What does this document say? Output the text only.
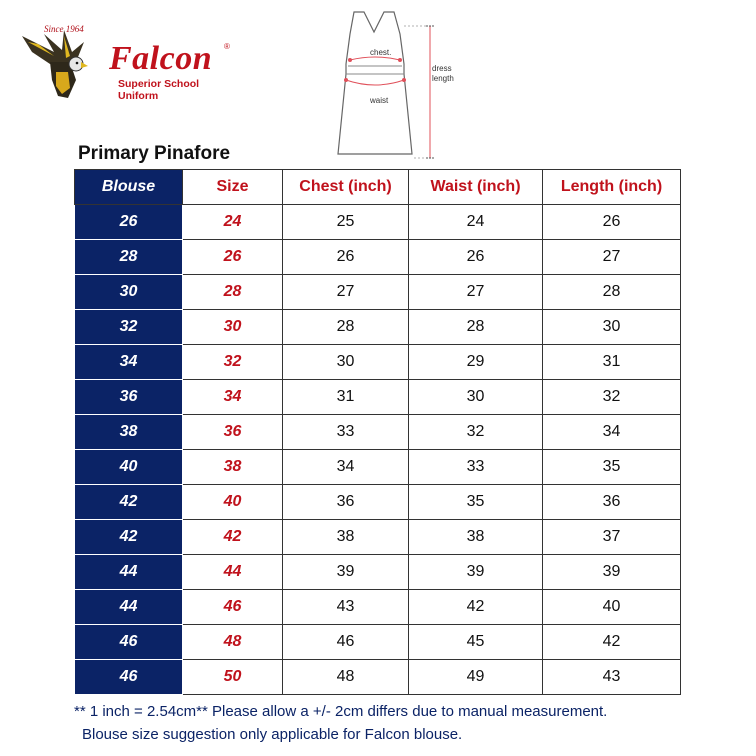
Since 1964
Falcon ®
Superior School Uniform
chest.
waist
dress
length
Primary Pinafore
Blouse	Size	Chest (inch)	Waist (inch)	Length (inch)
26	24	25	24	26
28	26	26	26	27
30	28	27	27	28
32	30	28	28	30
34	32	30	29	31
36	34	31	30	32
38	36	33	32	34
40	38	34	33	35
42	40	36	35	36
42	42	38	38	37
44	44	39	39	39
44	46	43	42	40
46	48	46	45	42
46	50	48	49	43
** 1 inch = 2.54cm** Please allow a +/- 2cm differs due to manual measurement.
Blouse size suggestion only applicable for Falcon blouse.
